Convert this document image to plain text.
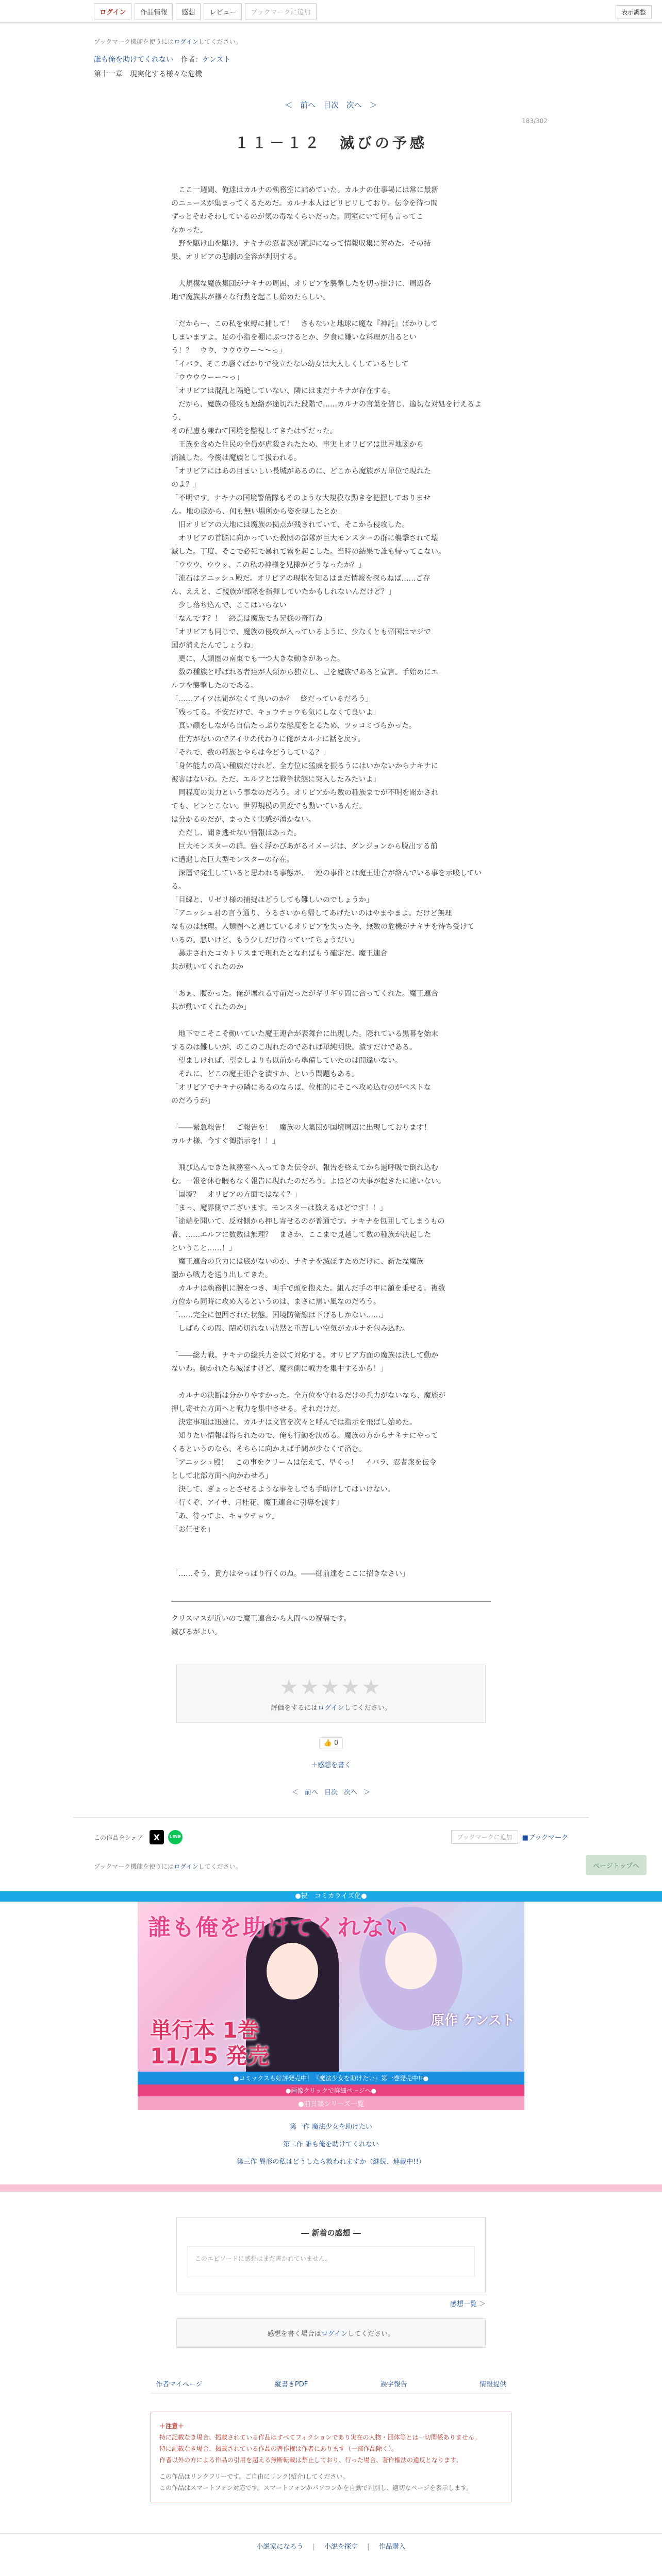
ログイン	作品情報	感想	レビュー	ブックマークに追加	表示調整
ブックマーク機能を使うにはログインしてください。
誰も俺を助けてくれない 作者：ケンスト
第十一章　現実化する様々な危機
＜ 前へ 目次 次へ ＞
183/302
１１－１２　滅びの予感

　ここ一週間、俺達はカルナの執務室に詰めていた。カルナの仕事場には常に最新

のニュースが集まってくるためだ。カルナ本人はピリピリしており、伝令を待つ間

ずっとそわそわしているのが気の毒なくらいだった。同室にいて何も言ってこ

なかった。

　野を駆け山を駆け、ナキナの忍者衆が躍起になって情報収集に努めた。その結

果、オリビアの悲劇の全容が判明する。

　大規模な魔族集団がナキナの周囲、オリビアを襲撃したを切っ掛けに、周辺各

地で魔族共が様々な行動を起こし始めたらしい。

「だからー、この私を束縛に捕して！　さもないと地球に魔な『神託』ばかりして

しまいますよ。足の小指を棚にぶつけるとか、夕食に嫌いな料理が出るとい

う！？　ウウ、ウウウウー～～っ」

「イバラ、そこの騒ぐばかりで役立たない幼女は大人しくしているとして

「ウウウウーー～っ」

「オリビアは混乱と隔絶していない、隣にはまだナキナが存在する。

　だから、魔族の侵攻も連絡が途切れた段階で……カルナの言葉を信じ、適切な対処を行えるよう、

その配慮も兼ねて国境を監視してきたはずだった。

　王族を含めた住民の全員が虐殺されたため、事実上オリビアは世界地図から

消滅した。今後は魔族として扱われる。

「オリビアにはあの目まいしい長城があるのに、どこから魔族が万単位で現れた

のよ？」

「不明です。ナキナの国境警備隊もそのような大規模な動きを把握しておりませ

ん。地の底から、何も無い場所から姿を現したとか」

　旧オリビアの大地には魔族の拠点が残されていて、そこから侵攻した。

　オリビアの首脳に向かっていた教団の部隊が巨大モンスターの群に襲撃されて壊

滅した。丁度、そこで必死で暴れて霧を起こした。当時の結果で誰も帰ってこない。

「ウウウ、ウウッ、この私の神様を兄様がどうなったか？」

「流石はアニッシュ殿だ。オリビアの現状を知るはまだ情報を探らねば……ご存

ん、ええと、ご親族が部隊を指揮していたかもしれないんだけど？」

　少し落ち込んで、ここはいらない

「なんです？！　終焉は魔族でも兄様の奇行ね」

「オリビアも同じで、魔族の侵攻が入っているように、少なくとも帝国はマジで

国が消えたんでしょうね」

　更に、人類圏の南東でも一つ大きな動きがあった。

　数の種族と呼ばれる者達が人類から独立し、己を魔族であると宣言。手始めにエ

ルフを襲撃したのである。

「……アイツは間がなくて良いのか？　終だっているだろう」

「残ってる。不安だけで、キョウチョウも気にしなくて良いよ」

　真い顔をしながら自信たっぷりな態度をとるため、ツッコミづらかった。

　仕方がないのでアイサの代わりに俺がカルナに話を戻す。

「それで、数の種族とやらは今どうしている？」

「身体能力の高い種族だけれど、全方位に猛威を振るうにはいかないからナキナに

被害はないわ。ただ、エルフとは戦争状態に突入したみたいよ」

　同程度の実力という事なのだろう。オリビアから数の種族までが不明を聞かされ

ても、ピンとこない。世界規模の異変でも動いているんだ。

は分かるのだが、まったく実感が湧かない。

　ただし、聞き逃せない情報はあった。

　巨大モンスターの群。強く浮かびあがるイメージは、ダンジョンから脱出する前

に遭遇した巨大型モンスターの存在。

　深層で発生していると思われる事態が、一連の事件とは魔王連合が絡んでいる事を示唆している。

「目線と、リゼリ様の捕捉はどうしても難しいのでしょうか」

「アニッシュ君の言う通り、うるさいから帰してあげたいのはやまやまよ。だけど無理

なものは無理。人類圏へと通じているオリビアを失った今、無数の危機がナキナを待ち受けて

いるの。悪いけど、もう少しだけ待っていてちょうだい」

　暴走されたコカトリスまで現れたとなればもう確定だ。魔王連合

共が動いてくれたのか

「あぁ、腹かった。俺が壊れる寸前だったがギリギリ間に合ってくれた。魔王連合

共が動いてくれたのか」

　地下でこそこそ動いていた魔王連合が表舞台に出現した。隠れている黒幕を始末

するのは難しいが、のこのこ現れたのであれば単純明快。潰すだけである。

　望ましければ、望ましよりも以前から準備していたのは間違いない。

　それに、どこの魔王連合を潰すか、という問題もある。

「オリビアでナキナの隣にあるのならば、位相的にそこへ攻め込むのがベストな

のだろうが」

「――緊急報告！　ご報告を！　魔族の大集団が国境周辺に出現しております！

カルナ様、今すぐ御指示を！！」

　飛び込んできた執務室へ入ってきた伝令が、報告を終えてから過呼吸で倒れ込む

む。一報を休む暇もなく報告に現れたのだろう。よほどの大事が起きたに違いない。

「国境？　オリビアの方面ではなく？」

「まっ、魔界側でございます。モンスターは数えるほどです！！」

「途端を聞いて、反対側から押し寄せるのが普通です。ナキナを包囲してしまうもの

者、……エルフに数数は無理？　まさか、ここまで見越して数の種族が決起した

ということ……！」

　魔王連合の兵力には底がないのか、ナキナを滅ぼすためだけに、新たな魔族

圏から戦力を送り出してきた。

　カルナは執務机に腕をつき、両手で頭を抱えた。組んだ手の甲に額を乗せる。複数

方位から同時に攻め入るというのは、まさに黒い風なのだろう。

「……完全に包囲された状態。国境防衛線は下げるしかない……」

　しばらくの間、閉め切れない沈黙と重苦しい空気がカルナを包み込む。

「――総力戦。ナキナの総兵力を以て対応する。オリビア方面の魔族は決して動か

ないわ。動かれたら滅ぼすけど、魔界側に戦力を集中するから！」

　カルナの決断は分かりやすかった。全方位を守れるだけの兵力がないなら、魔族が

押し寄せた方面へと戦力を集中させる。それだけだ。

　決定事項は迅速に、カルナは文官を次々と呼んでは指示を飛ばし始めた。

　知りたい情報は得られたので、俺も行動を決める。魔族の方からナキナにやって

くるというのなら、そちらに向かえば手間が少なくて済む。

「アニッシュ殿！　この事をクリームは伝えて、早くっ！　イバラ、忍者衆を伝令

として北部方面へ向かわせろ」

　決して、ぎょっとさせるような事をしでも手助けしてはいけない。

「行くぞ、アイサ、月桂花、魔王連合に引導を渡す」

「あ、待ってよ、キョウチョウ」

「お任せを」

「……そう、貴方はやっぱり行くのね。――御前達をここに招きなさい」

クリスマスが近いので魔王連合から人間への祝福です。

滅びるがよい。

★★★★★
評価をするにはログインしてください。
👍 0
＋感想を書く
＜ 前へ 目次 次へ ＞
ページトップへ
この作品をシェア	X	LINE	ブックマークに追加	■ブックマーク
ブックマーク機能を使うにはログインしてください。
●祝　コミカライズ化●
誰も俺を助けてくれない
単行本 1巻
11/15 発売
原作 ケンスト
●コミックスも好評発売中！『魔法少女を助けたい』第一巻発売中!!●
●画像クリックで詳細ページへ●
●前日談シリーズ一覧
第一作 魔法少女を助けたい
第二作 誰も俺を助けてくれない
第三作 異形の私はどうしたら救われますか（継続、連載中!!）
― 新着の感想 ―
このエピソードに感想はまだ書かれていません。
感想一覧 ＞
感想を書く場合はログインしてください。
作者マイページ	縦書きPDF	誤字報告	情報提供
＋注意＋
特に記載なき場合、掲載されている作品はすべてフィクションであり実在の人物・団体等とは一切関係ありません。
特に記載なき場合、掲載されている作品の著作権は作者にあります（一部作品除く）。
作者以外の方による作品の引用を超える無断転載は禁止しており、行った場合、著作権法の違反となります。
この作品はリンクフリーです。ご自由にリンク(紹介)してください。
この作品はスマートフォン対応です。スマートフォンかパソコンかを自動で判別し、適切なページを表示します。
小説家になろう | 小説を探す | 作品購入
